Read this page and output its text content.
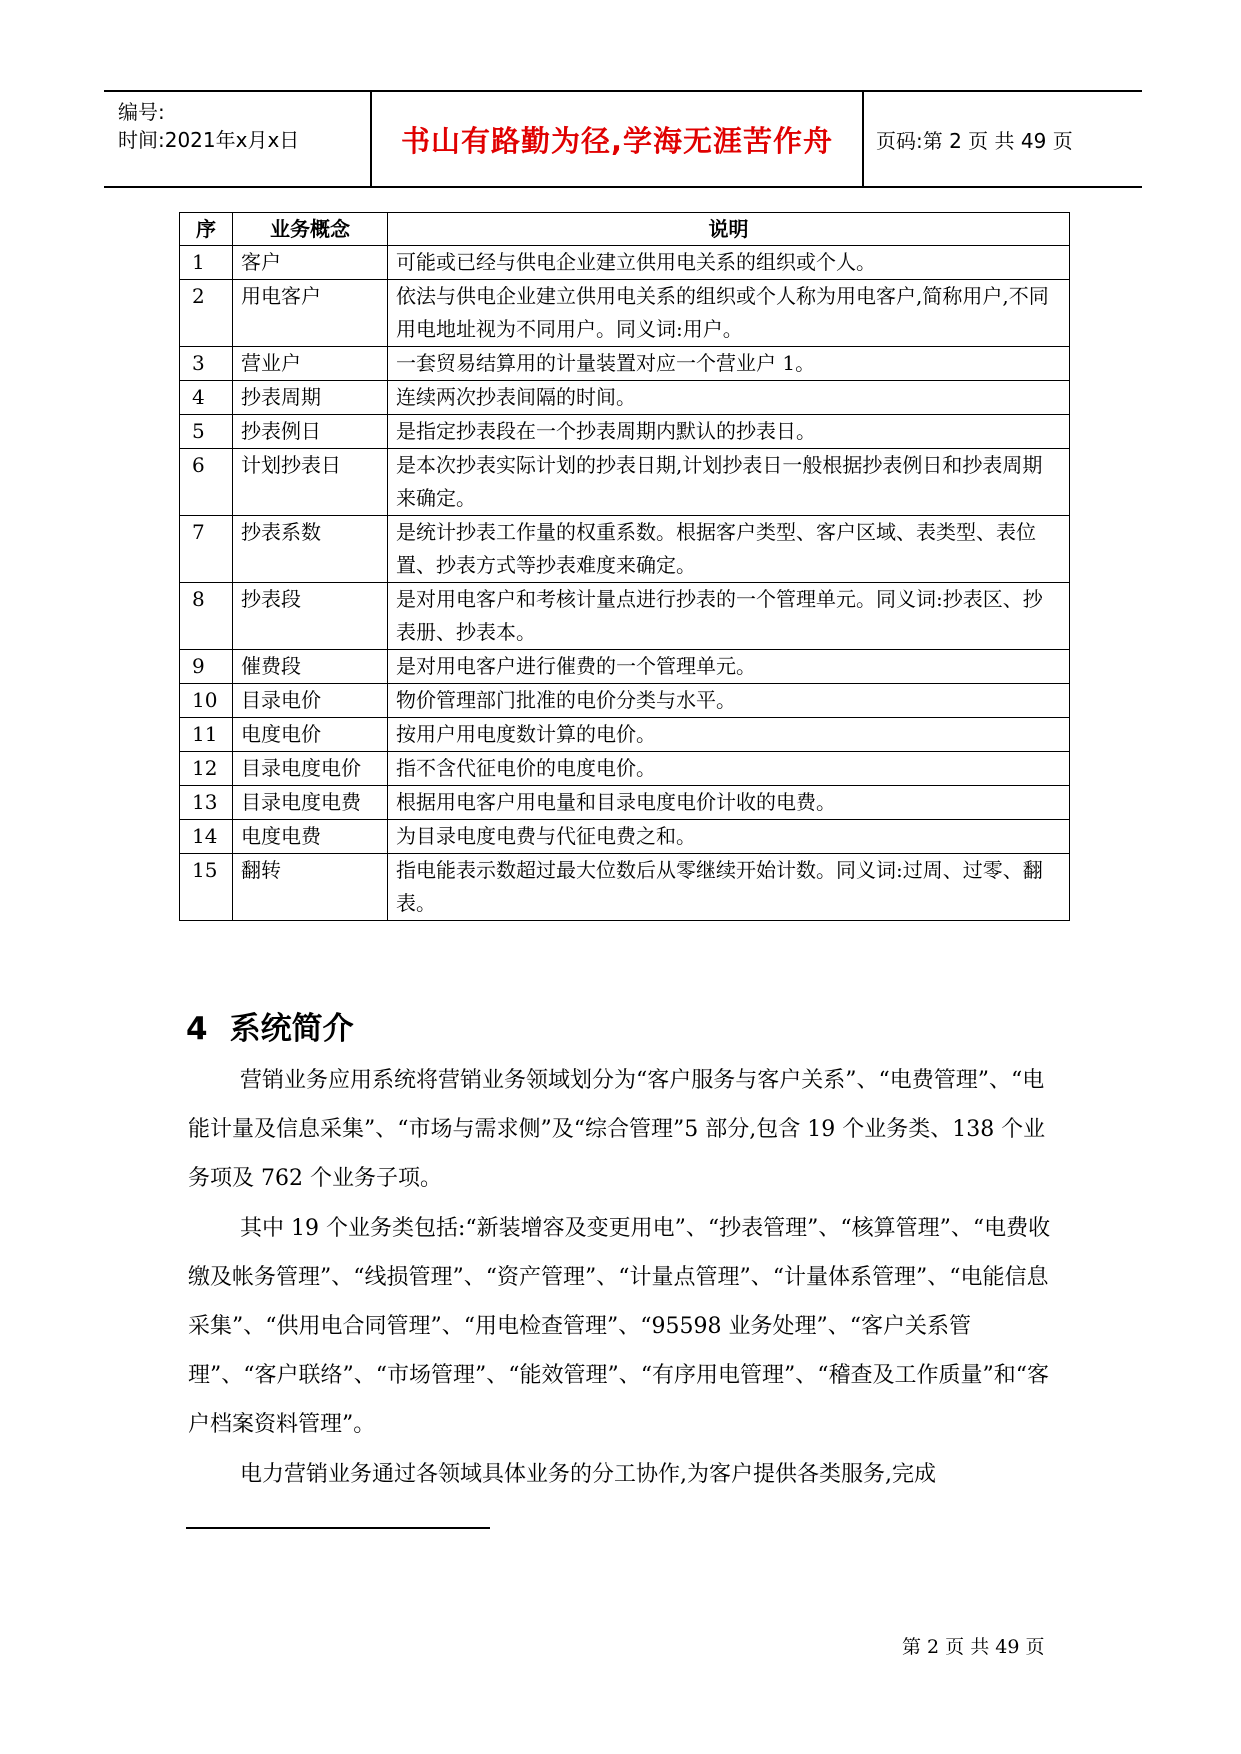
编号:
时间:2021年x月x日	书山有路勤为径,学海无涯苦作舟	页码:第 2 页 共 49 页
序	业务概念	说明
1	客户	可能或已经与供电企业建立供用电关系的组织或个人。
2	用电客户	依法与供电企业建立供用电关系的组织或个人称为用电客户,简称用户,不同用电地址视为不同用户。同义词:用户。
3	营业户	一套贸易结算用的计量装置对应一个营业户 1。
4	抄表周期	连续两次抄表间隔的时间。
5	抄表例日	是指定抄表段在一个抄表周期内默认的抄表日。
6	计划抄表日	是本次抄表实际计划的抄表日期,计划抄表日一般根据抄表例日和抄表周期来确定。
7	抄表系数	是统计抄表工作量的权重系数。根据客户类型、客户区域、表类型、表位置、抄表方式等抄表难度来确定。
8	抄表段	是对用电客户和考核计量点进行抄表的一个管理单元。同义词:抄表区、抄表册、抄表本。
9	催费段	是对用电客户进行催费的一个管理单元。
10	目录电价	物价管理部门批准的电价分类与水平。
11	电度电价	按用户用电度数计算的电价。
12	目录电度电价	指不含代征电价的电度电价。
13	目录电度电费	根据用电客户用电量和目录电度电价计收的电费。
14	电度电费	为目录电度电费与代征电费之和。
15	翻转	指电能表示数超过最大位数后从零继续开始计数。同义词:过周、过零、翻表。
4 系统简介
营销业务应用系统将营销业务领域划分为“客户服务与客户关系”、“电费管理”、“电能计量及信息采集”、“市场与需求侧”及“综合管理”5 部分,包含 19 个业务类、138 个业务项及 762 个业务子项。
其中 19 个业务类包括:“新装增容及变更用电”、“抄表管理”、“核算管理”、“电费收缴及帐务管理”、“线损管理”、“资产管理”、“计量点管理”、“计量体系管理”、“电能信息采集”、“供用电合同管理”、“用电检查管理”、“95598 业务处理”、“客户关系管理”、“客户联络”、“市场管理”、“能效管理”、“有序用电管理”、“稽查及工作质量”和“客户档案资料管理”。
电力营销业务通过各领域具体业务的分工协作,为客户提供各类服务,完成
第 2 页 共 49 页
